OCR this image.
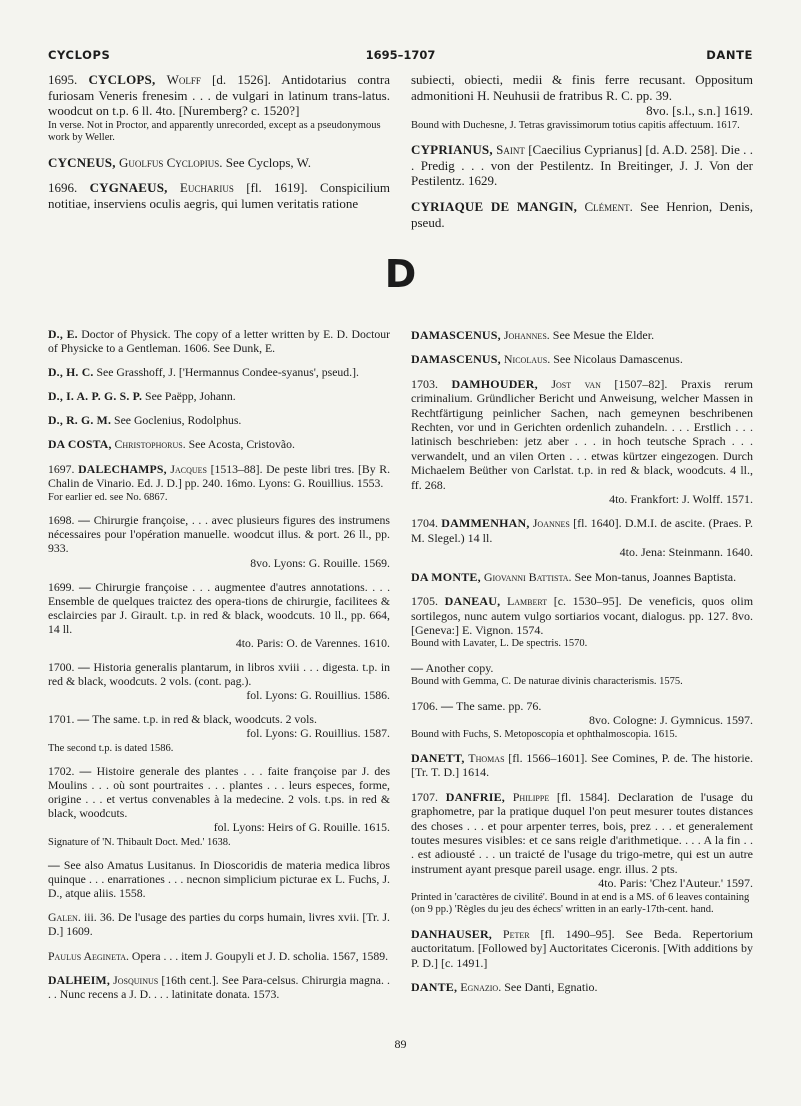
CYCLOPS	1695–1707	DANTE
1695. CYCLOPS, Wolff [d. 1526]. Antidotarius contra furiosam Veneris frenesim . . . de vulgari in latinum trans-latus. woodcut on t.p. 6 ll. 4to. [Nuremberg? c. 1520?]
In verse. Not in Proctor, and apparently unrecorded, except as a pseudonymous work by Weller.
CYCNEUS, Guolfus Cyclopius. See Cyclops, W.
1696. CYGNAEUS, Eucharius [fl. 1619]. Conspicilium notitiae, inserviens oculis aegris, qui lumen veritatis ratione
subiecti, obiecti, medii & finis ferre recusant. Oppositum admonitioni H. Neuhusii de fratribus R. C. pp. 39.
8vo. [s.l., s.n.] 1619.
Bound with Duchesne, J. Tetras gravissimorum totius capitis affectuum. 1617.
CYPRIANUS, Saint [Caecilius Cyprianus] [d. A.D. 258]. Die . . . Predig . . . von der Pestilentz. In Breitinger, J. J. Von der Pestilentz. 1629.
CYRIAQUE DE MANGIN, Clément. See Henrion, Denis, pseud.
D
D., E. Doctor of Physick. The copy of a letter written by E. D. Doctour of Physicke to a Gentleman. 1606. See Dunk, E.
D., H. C. See Grasshoff, J. ['Hermannus Condee-syanus', pseud.].
D., I. A. P. G. S. P. See Paëpp, Johann.
D., R. G. M. See Goclenius, Rodolphus.
DA COSTA, Christophorus. See Acosta, Cristovão.
1697. DALECHAMPS, Jacques [1513–88]. De peste libri tres. [By R. Chalin de Vinario. Ed. J. D.] pp. 240. 16mo. Lyons: G. Rouillius. 1553.
For earlier ed. see No. 6867.
1698. — Chirurgie françoise, . . . avec plusieurs figures des instrumens nécessaires pour l'opération manuelle. woodcut illus. & port. 26 ll., pp. 933.
8vo. Lyons: G. Rouille. 1569.
1699. — Chirurgie françoise . . . augmentee d'autres annotations. . . . Ensemble de quelques traictez des opera-tions de chirurgie, facilitees & esclaircies par J. Girault. t.p. in red & black, woodcuts. 10 ll., pp. 664, 14 ll.
4to. Paris: O. de Varennes. 1610.
1700. — Historia generalis plantarum, in libros xviii . . . digesta. t.p. in red & black, woodcuts. 2 vols. (cont. pag.).
fol. Lyons: G. Rouillius. 1586.
1701. — The same. t.p. in red & black, woodcuts. 2 vols.
fol. Lyons: G. Rouillius. 1587.
The second t.p. is dated 1586.
1702. — Histoire generale des plantes . . . faite françoise par J. des Moulins . . . où sont pourtraites . . . plantes . . . leurs especes, forme, origine . . . et vertus convenables à la medecine. 2 vols. t.ps. in red & black, woodcuts.
fol. Lyons: Heirs of G. Rouille. 1615.
Signature of 'N. Thibault Doct. Med.' 1638.
— See also Amatus Lusitanus. In Dioscoridis de materia medica libros quinque . . . enarrationes . . . necnon simplicium picturae ex L. Fuchs, J. D., atque aliis. 1558.
Galen. iii. 36. De l'usage des parties du corps humain, livres xvii. [Tr. J. D.] 1609.
Paulus Aegineta. Opera . . . item J. Goupyli et J. D. scholia. 1567, 1589.
DALHEIM, Josquinus [16th cent.]. See Para-celsus. Chirurgia magna. . . . Nunc recens a J. D. . . . latinitate donata. 1573.
DAMASCENUS, Johannes. See Mesue the Elder.
DAMASCENUS, Nicolaus. See Nicolaus Damascenus.
1703. DAMHOUDER, Jost van [1507–82]. Praxis rerum criminalium. Gründlicher Bericht und Anweisung, welcher Massen in Rechtfärtigung peinlicher Sachen, nach gemeynen beschribenen Rechten, vor und in Gerichten ordenlich zuhandeln. . . . Erstlich . . . latinisch beschrieben: jetz aber . . . in hoch teutsche Sprach . . . verwandelt, und an vilen Orten . . . etwas kürtzer eingezogen. Durch Michaelem Beüther von Carlstat. t.p. in red & black, woodcuts. 4 ll., ff. 268.
4to. Frankfort: J. Wolff. 1571.
1704. DAMMENHAN, Joannes [fl. 1640]. D.M.I. de ascite. (Praes. P. M. Slegel.) 14 ll.
4to. Jena: Steinmann. 1640.
DA MONTE, Giovanni Battista. See Mon-tanus, Joannes Baptista.
1705. DANEAU, Lambert [c. 1530–95]. De veneficis, quos olim sortilegos, nunc autem vulgo sortiarios vocant, dialogus. pp. 127. 8vo. [Geneva:] E. Vignon. 1574.
Bound with Lavater, L. De spectris. 1570.
— Another copy.
Bound with Gemma, C. De naturae divinis characterismis. 1575.
1706. — The same. pp. 76.
8vo. Cologne: J. Gymnicus. 1597.
Bound with Fuchs, S. Metoposcopia et ophthalmoscopia. 1615.
DANETT, Thomas [fl. 1566–1601]. See Comines, P. de. The historie. [Tr. T. D.] 1614.
1707. DANFRIE, Philippe [fl. 1584]. Declaration de l'usage du graphometre, par la pratique duquel l'on peut mesurer toutes distances des choses . . . et pour arpenter terres, bois, prez . . . et generalement toutes mesures visibles: et ce sans reigle d'arithmetique. . . . A la fin . . . est adiousté . . . un traicté de l'usage du trigo-metre, qui est un autre instrument ayant presque pareil usage. engr. illus. 2 pts.
4to. Paris: 'Chez l'Auteur.' 1597.
Printed in 'caractères de civilité'. Bound in at end is a MS. of 6 leaves containing (on 9 pp.) 'Règles du jeu des échecs' written in an early-17th-cent. hand.
DANHAUSER, Peter [fl. 1490–95]. See Beda. Repertorium auctoritatum. [Followed by] Auctoritates Ciceronis. [With additions by P. D.] [c. 1491.]
DANTE, Egnazio. See Danti, Egnatio.
89
